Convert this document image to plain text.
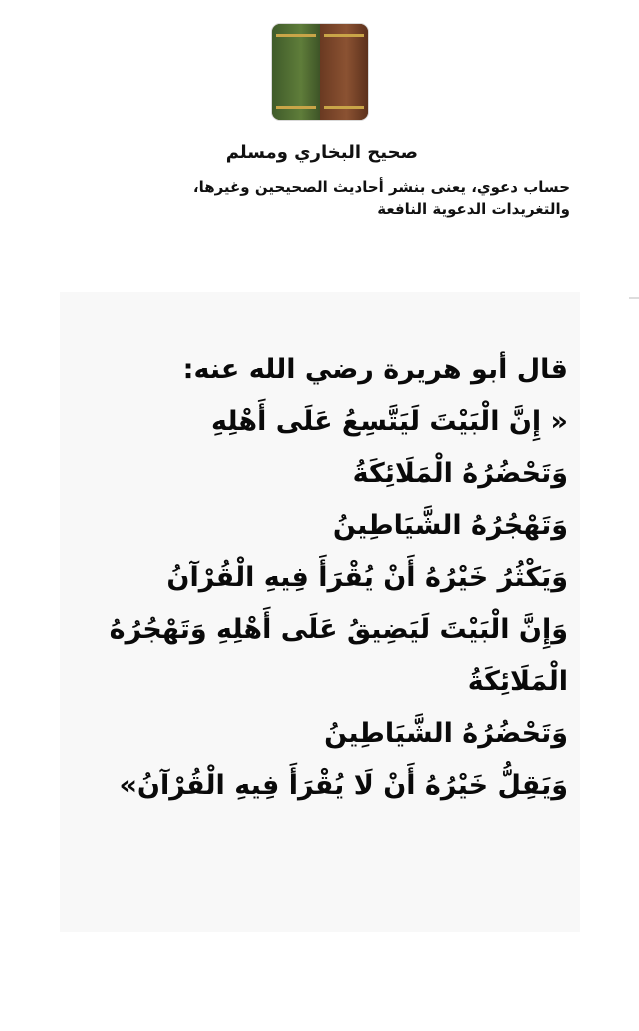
صحيح البخاري ومسلم
حساب دعوي، يعنى بنشر أحاديث الصحيحين وغيرها،
والتغريدات الدعوية النافعة
قال أبو هريرة رضي الله عنه:
« إِنَّ الْبَيْتَ لَيَتَّسِعُ عَلَى أَهْلِهِ
وَتَحْضُرُهُ الْمَلَائِكَةُ
وَتَهْجُرُهُ الشَّيَاطِينُ
وَيَكْثُرُ خَيْرُهُ أَنْ يُقْرَأَ فِيهِ الْقُرْآنُ
وَإِنَّ الْبَيْتَ لَيَضِيقُ عَلَى أَهْلِهِ وَتَهْجُرُهُ
الْمَلَائِكَةُ
وَتَحْضُرُهُ الشَّيَاطِينُ
وَيَقِلُّ خَيْرُهُ أَنْ لَا يُقْرَأَ فِيهِ الْقُرْآنُ»
